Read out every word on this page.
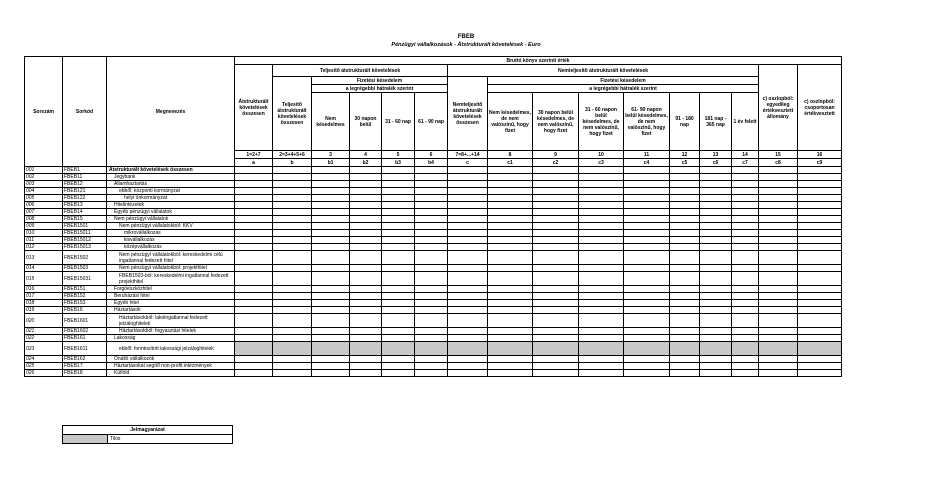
FBEB
Pénzügyi vállalkozások - Átstrukturált követelések - Euro
Sorszám	Sorkód	Megnevezés	Bruttó könyv szerinti érték															
			Átstrukturált követelések összesen	Teljesítő átstrukturált követelések					Nemteljesítő átstrukturált követelések								c) oszlopból: egyedileg értékvesztett állomány	c) oszlopból: csoportosan értékvesztett
				Teljesítő átstrukturált követelések összesen	Fizetési késedelem				Nemteljesítő átstrukturált követelések összesen	Fizetési késedelem								
					a legrégebbi hátralék szerint					a legrégebbi hátralék szerint								
					Nem késedelmes	30 napon belül	31 - 60 nap	61 - 90 nap		Nem késedelmes, de nem valószínű, hogy fizet	30 napon belül késedelmes, de nem valószínű, hogy fizet	31 - 60 napon belül késedelmes, de nem valószínű, hogy fizet	61- 90 napon belül késedelmes, de nem valószínű, hogy fizet	91 - 180 nap	181 nap - 365 nap	1 év felett		
			1=2+7	2=3+4+5+6	3	4	5	6	7=8+...+14	8	9	10	11	12	13	14	15	16
			a	b	b1	b2	b3	b4	c	c1	c2	c3	c4	c5	c6	c7	c8	c9
001	FBEB1	Átstrukturált követelések összesen																
002	FBEB11	Jegybank																
003	FBEB12	Államháztartás																
004	FBEB121	ebből: központi kormányzat																
005	FBEB122	helyi önkormányzat																
006	FBEB13	Hitelintézetek																
007	FBEB14	Egyéb pénzügyi vállalatok																
008	FBEB15	Nem pénzügyi vállalatok																
009	FBEB1501	Nem pénzügyi vállalatokból: KKV																
010	FBEB15011	mikrovállalkozás																
011	FBEB15012	kisvállalkozás																
012	FBEB15013	középvállalkozás																
013	FBEB1502	Nem pénzügyi vállalatokból: kereskedelmi célú ingatlannal fedezett hitel																
014	FBEB1503	Nem pénzügyi vállalatokból: projekthitel																
015	FBEB15031	FBEB1503-ból: kereskedelmi ingatlannal fedezett projekthitel																
016	FBEB151	Forgóeszközhitel																
017	FBEB152	Beruházási hitel																
018	FBEB153	Egyéb hitel																
019	FBEB16	Háztartások																
020	FBEB1601	Háztartásokból: lakóingatlannal fedezett jelzáloghitelek																
021	FBEB1602	Háztartásokból: fogyasztási hitelek																
022	FBEB161	Lakosság																
023	FBEB1611	ebből: forintosított lakossági jelzáloghitelek																
024	FBEB162	Önálló vállalkozók																
025	FBEB17	Háztartásokat segítő non-profit intézmények																
026	FBEB18	Külföld																
Jelmagyarázat
	Tilos
